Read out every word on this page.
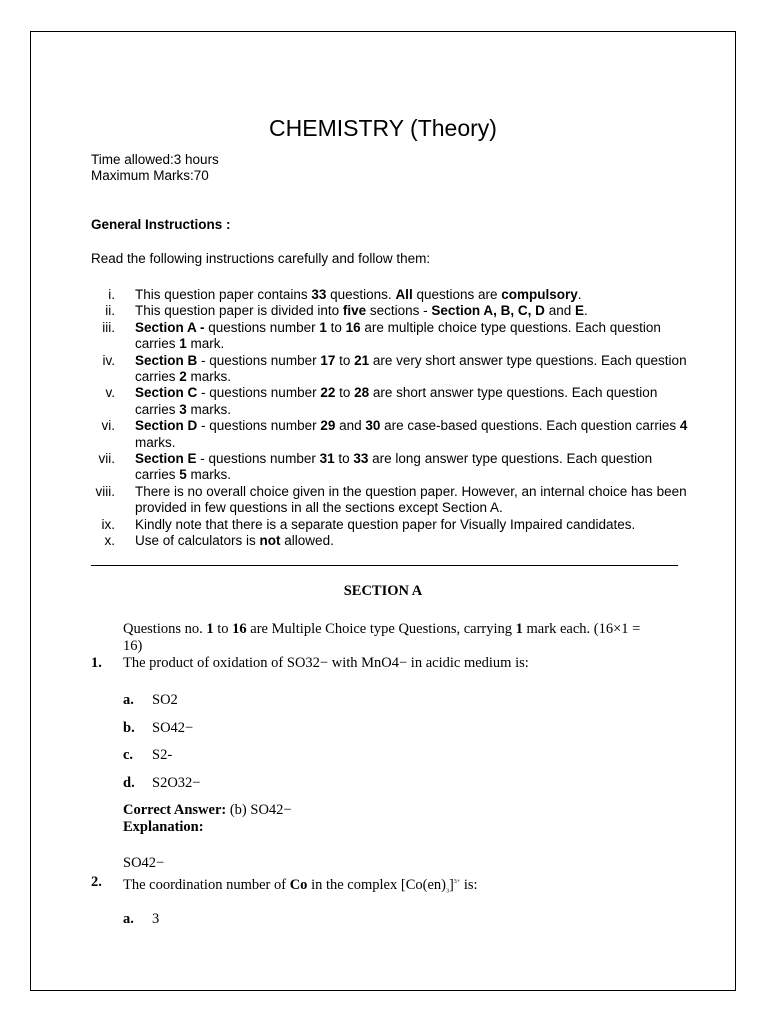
CHEMISTRY (Theory)
Time allowed:3 hours
Maximum Marks:70
General Instructions :
Read the following instructions carefully and follow them:
i. This question paper contains 33 questions. All questions are compulsory.
ii. This question paper is divided into five sections - Section A, B, C, D and E.
iii. Section A - questions number 1 to 16 are multiple choice type questions. Each question carries 1 mark.
iv. Section B - questions number 17 to 21 are very short answer type questions. Each question carries 2 marks.
v. Section C - questions number 22 to 28 are short answer type questions. Each question carries 3 marks.
vi. Section D - questions number 29 and 30 are case-based questions. Each question carries 4 marks.
vii. Section E - questions number 31 to 33 are long answer type questions. Each question carries 5 marks.
viii. There is no overall choice given in the question paper. However, an internal choice has been provided in few questions in all the sections except Section A.
ix. Kindly note that there is a separate question paper for Visually Impaired candidates.
x. Use of calculators is not allowed.
SECTION A
Questions no. 1 to 16 are Multiple Choice type Questions, carrying 1 mark each. (16×1 = 16)
1.	The product of oxidation of SO32− with MnO4− in acidic medium is:
a.	SO2
b.	SO42−
c.	S2-
d.	S2O32−
Correct Answer: (b) SO42−
Explanation:
SO42−
2.	The coordination number of Co in the complex $[Co(en)_3]^{3+}$ is:
a.	3
